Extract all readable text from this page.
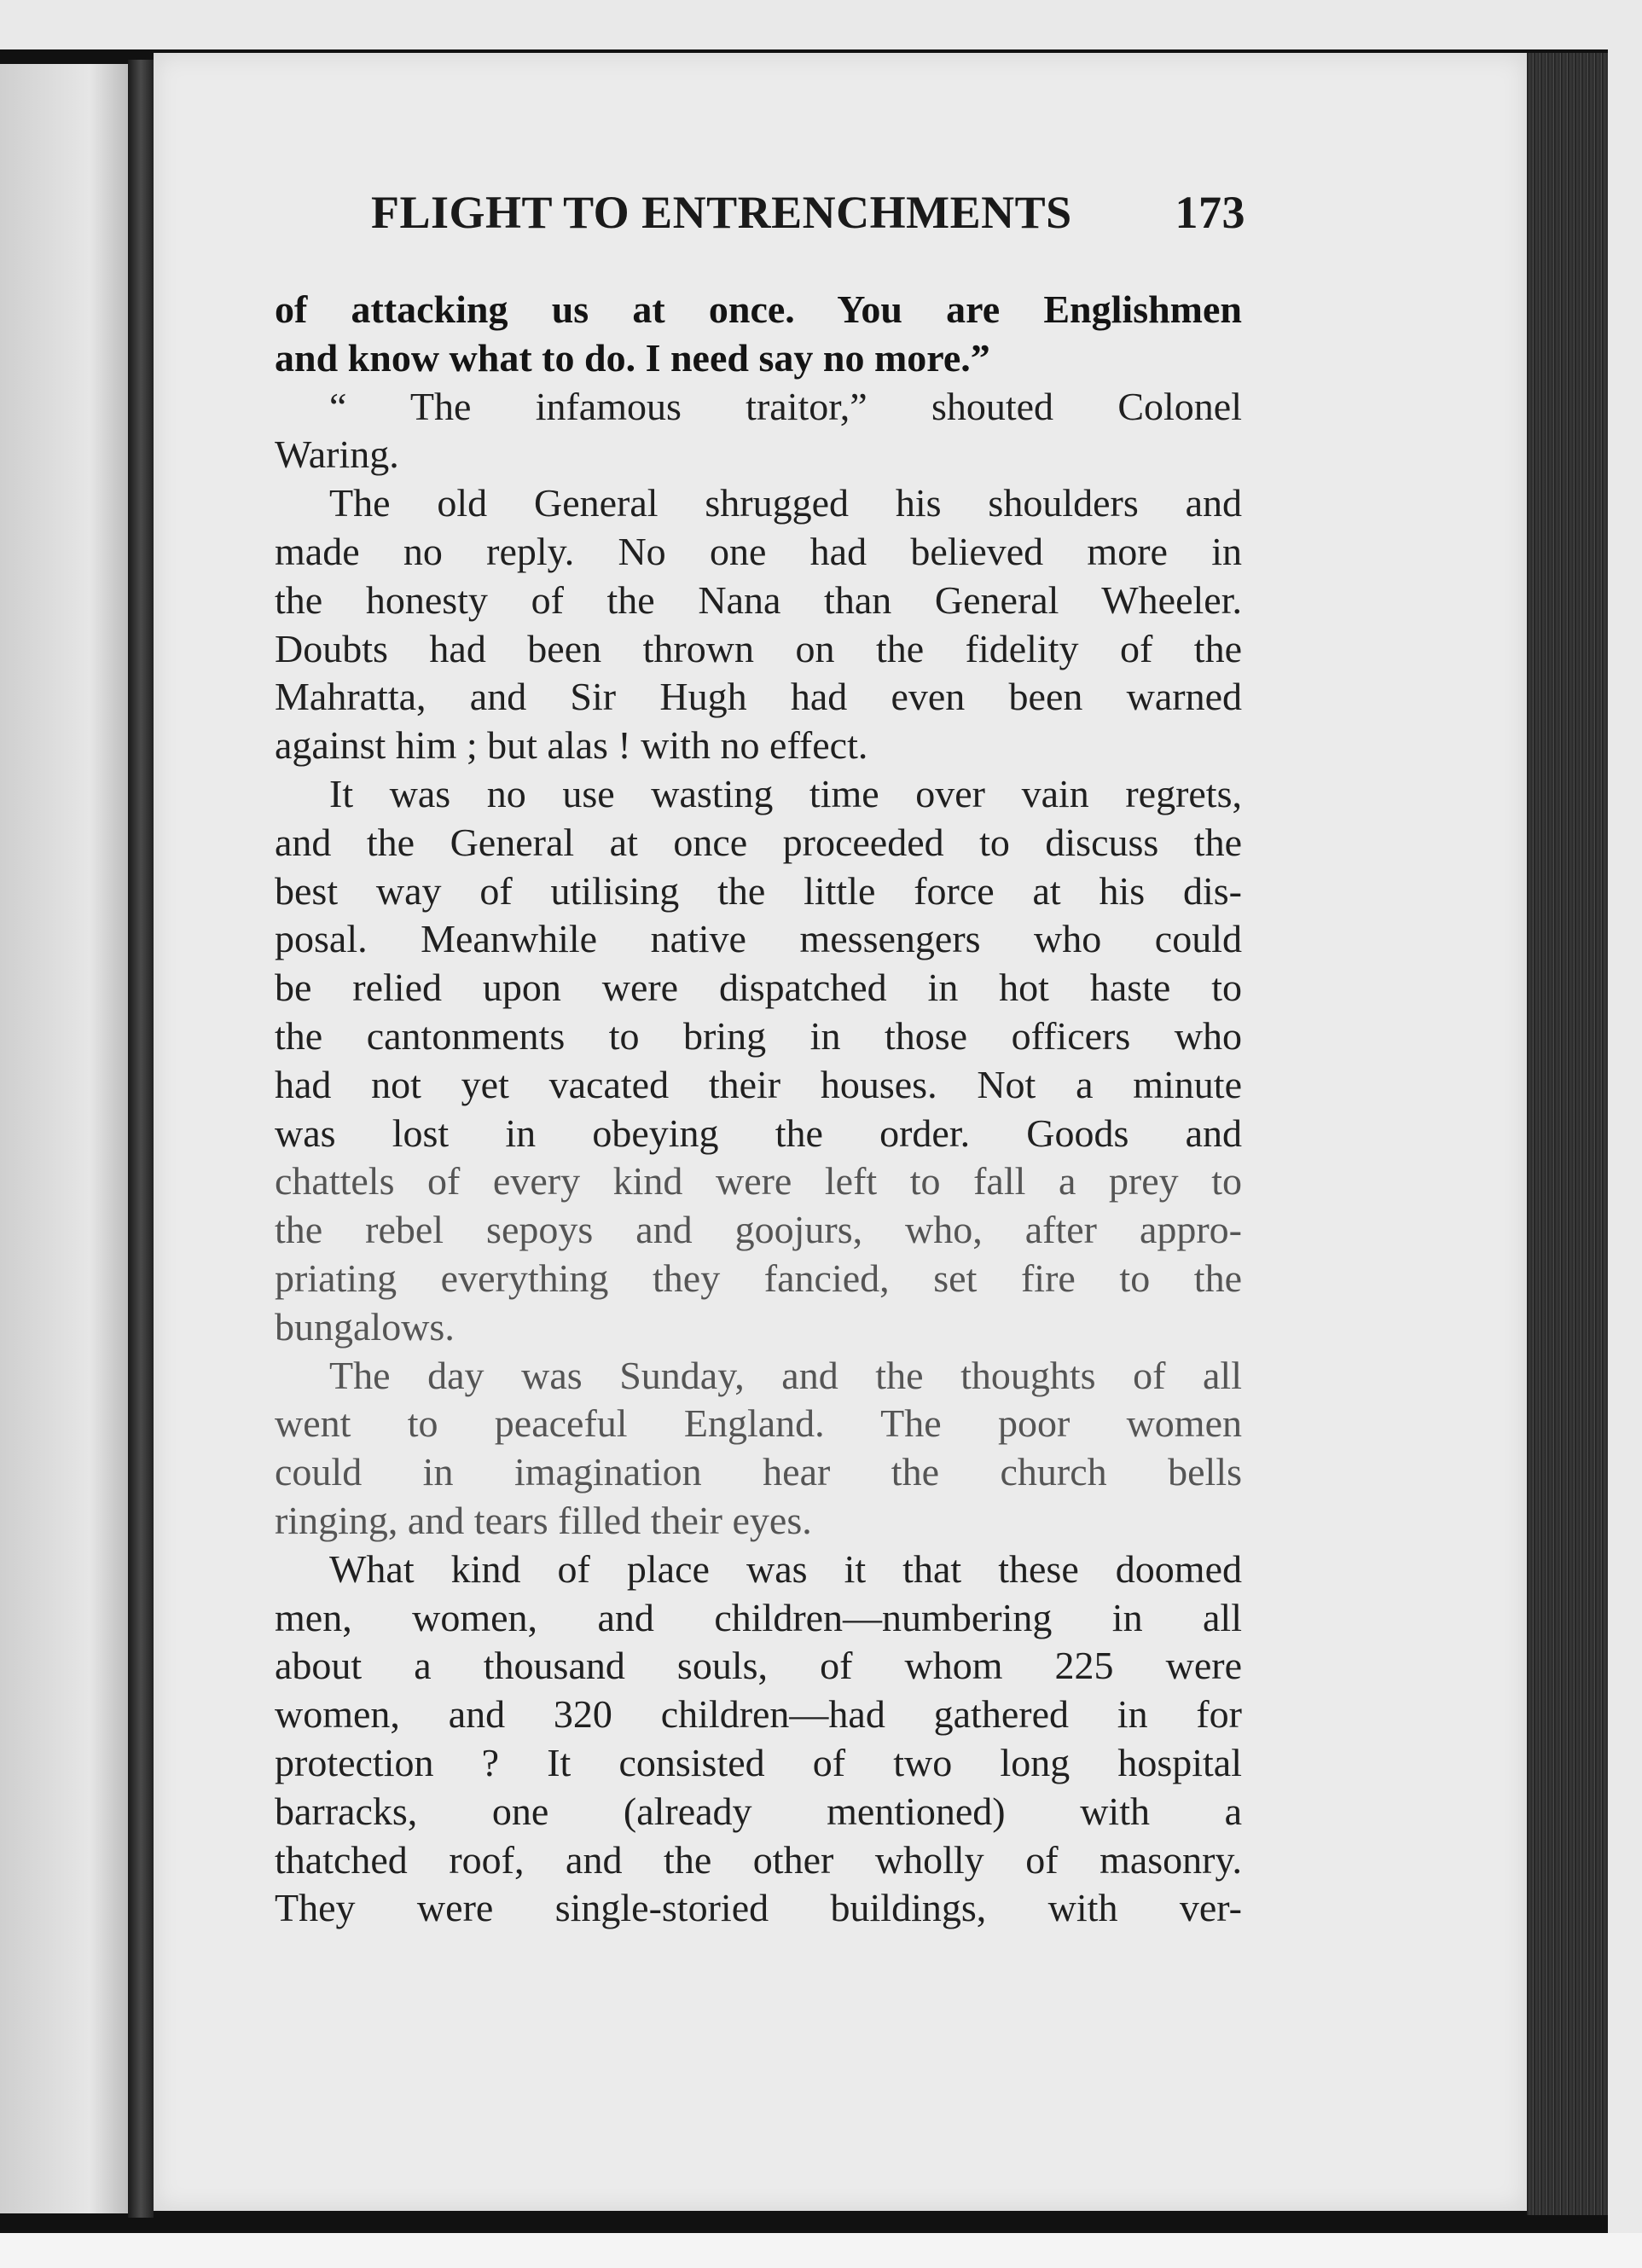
FLIGHT TO ENTRENCHMENTS 173
of attacking us at once. You are Englishmen
and know what to do. I need say no more.”
“ The infamous traitor,” shouted Colonel
Waring.
The old General shrugged his shoulders and
made no reply. No one had believed more in
the honesty of the Nana than General Wheeler.
Doubts had been thrown on the fidelity of the
Mahratta, and Sir Hugh had even been warned
against him ; but alas ! with no effect.
It was no use wasting time over vain regrets,
and the General at once proceeded to discuss the
best way of utilising the little force at his dis-
posal. Meanwhile native messengers who could
be relied upon were dispatched in hot haste to
the cantonments to bring in those officers who
had not yet vacated their houses. Not a minute
was lost in obeying the order. Goods and
chattels of every kind were left to fall a prey to
the rebel sepoys and goojurs, who, after appro-
priating everything they fancied, set fire to the
bungalows.
The day was Sunday, and the thoughts of all
went to peaceful England. The poor women
could in imagination hear the church bells
ringing, and tears filled their eyes.
What kind of place was it that these doomed
men, women, and children—numbering in all
about a thousand souls, of whom 225 were
women, and 320 children—had gathered in for
protection ? It consisted of two long hospital
barracks, one (already mentioned) with a
thatched roof, and the other wholly of masonry.
They were single-storied buildings, with ver-
